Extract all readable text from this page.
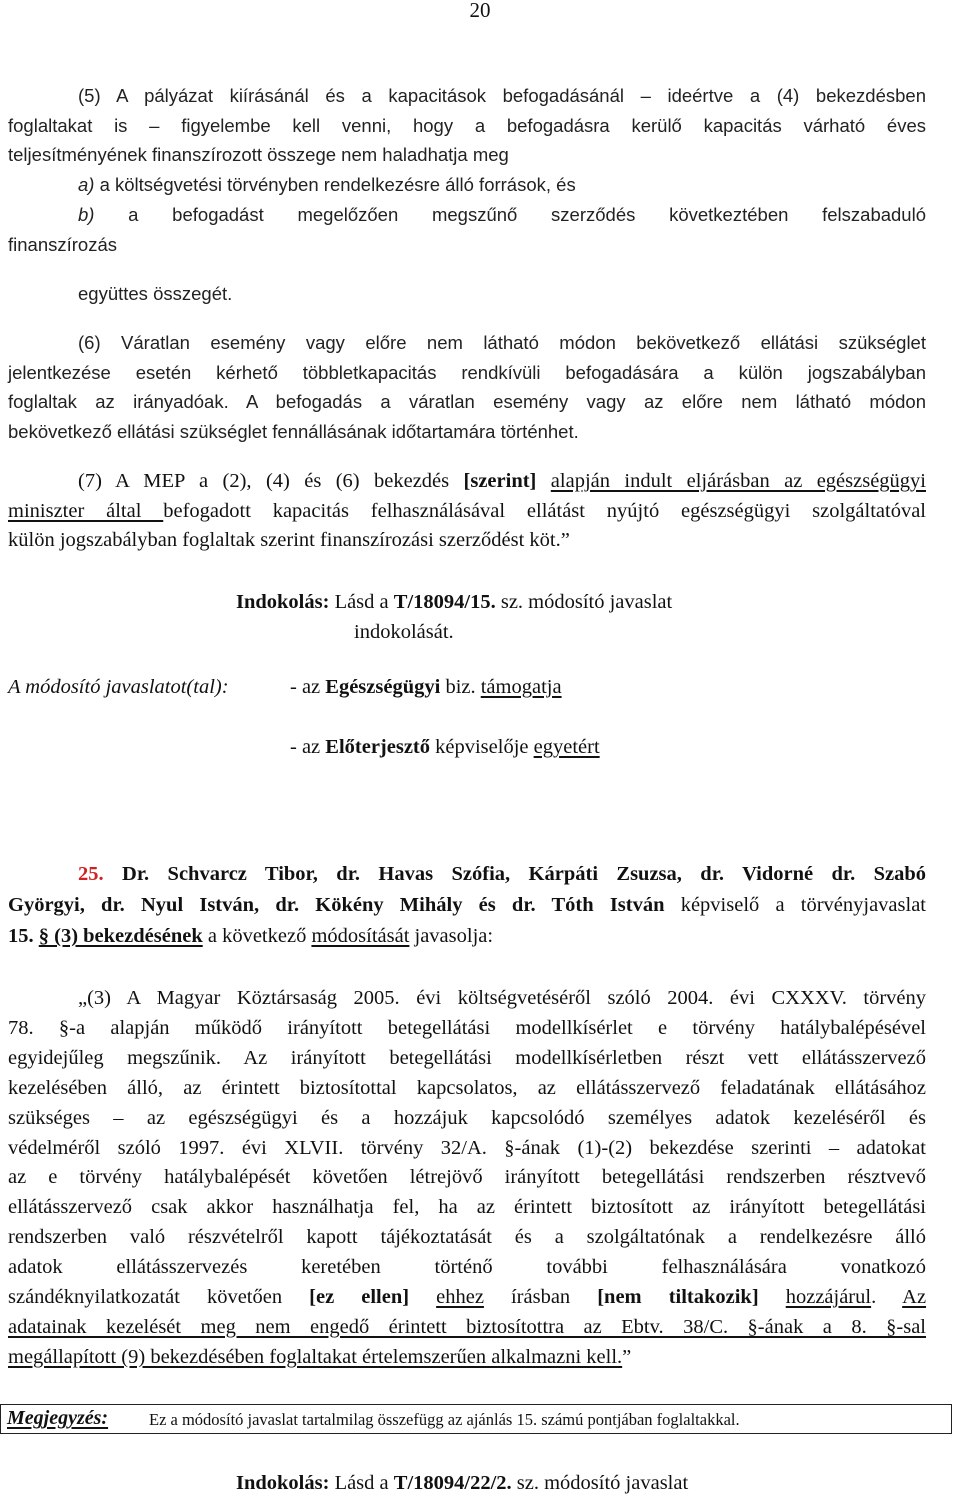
20
(5) A pályázat kiírásánál és a kapacitások befogadásánál – ideértve a (4) bekezdésben
foglaltakat is – figyelembe kell venni, hogy a befogadásra kerülő kapacitás várható éves
teljesítményének finanszírozott összege nem haladhatja meg
a) a költségvetési törvényben rendelkezésre álló források, és
b) a befogadást megelőzően megszűnő szerződés következtében felszabaduló
finanszírozás
együttes összegét.
(6) Váratlan esemény vagy előre nem látható módon bekövetkező ellátási szükséglet
jelentkezése esetén kérhető többletkapacitás rendkívüli befogadására a külön jogszabályban
foglaltak az irányadóak. A befogadás a váratlan esemény vagy az előre nem látható módon
bekövetkező ellátási szükséglet fennállásának időtartamára történhet.
(7) A MEP a (2), (4) és (6) bekezdés [szerint] alapján indult eljárásban az egészségügyi
miniszter által befogadott kapacitás felhasználásával ellátást nyújtó egészségügyi szolgáltatóval
külön jogszabályban foglaltak szerint finanszírozási szerződést köt.”
Indokolás: Lásd a T/18094/15. sz. módosító javaslat
indokolását.
A módosító javaslatot(tal):	- az Egészségügyi biz. támogatja
- az Előterjesztő képviselője egyetért
25. Dr. Schvarcz Tibor, dr. Havas Szófia, Kárpáti Zsuzsa, dr. Vidorné dr. Szabó
Györgyi, dr. Nyul István, dr. Kökény Mihály és dr. Tóth István képviselő a törvényjavaslat
15. § (3) bekezdésének a következő módosítását javasolja:
„(3) A Magyar Köztársaság 2005. évi költségvetéséről szóló 2004. évi CXXXV. törvény
78. §-a alapján működő irányított betegellátási modellkísérlet e törvény hatálybalépésével
egyidejűleg megszűnik. Az irányított betegellátási modellkísérletben részt vett ellátásszervező
kezelésében álló, az érintett biztosítottal kapcsolatos, az ellátásszervező feladatának ellátásához
szükséges – az egészségügyi és a hozzájuk kapcsolódó személyes adatok kezeléséről és
védelméről szóló 1997. évi XLVII. törvény 32/A. §-ának (1)-(2) bekezdése szerinti – adatokat
az e törvény hatálybalépését követően létrejövő irányított betegellátási rendszerben résztvevő
ellátásszervező csak akkor használhatja fel, ha az érintett biztosított az irányított betegellátási
rendszerben való részvételről kapott tájékoztatását és a szolgáltatónak a rendelkezésre álló
adatok ellátásszervezés keretében történő további felhasználására vonatkozó
szándéknyilatkozatát követően [ez ellen] ehhez írásban [nem tiltakozik] hozzájárul. Az
adatainak kezelését meg nem engedő érintett biztosítottra az Ebtv. 38/C. §-ának a 8. §-sal
megállapított (9) bekezdésében foglaltakat értelemszerűen alkalmazni kell.”
Megjegyzés: Ez a módosító javaslat tartalmilag összefügg az ajánlás 15. számú pontjában foglaltakkal.
Indokolás: Lásd a T/18094/22/2. sz. módosító javaslat
